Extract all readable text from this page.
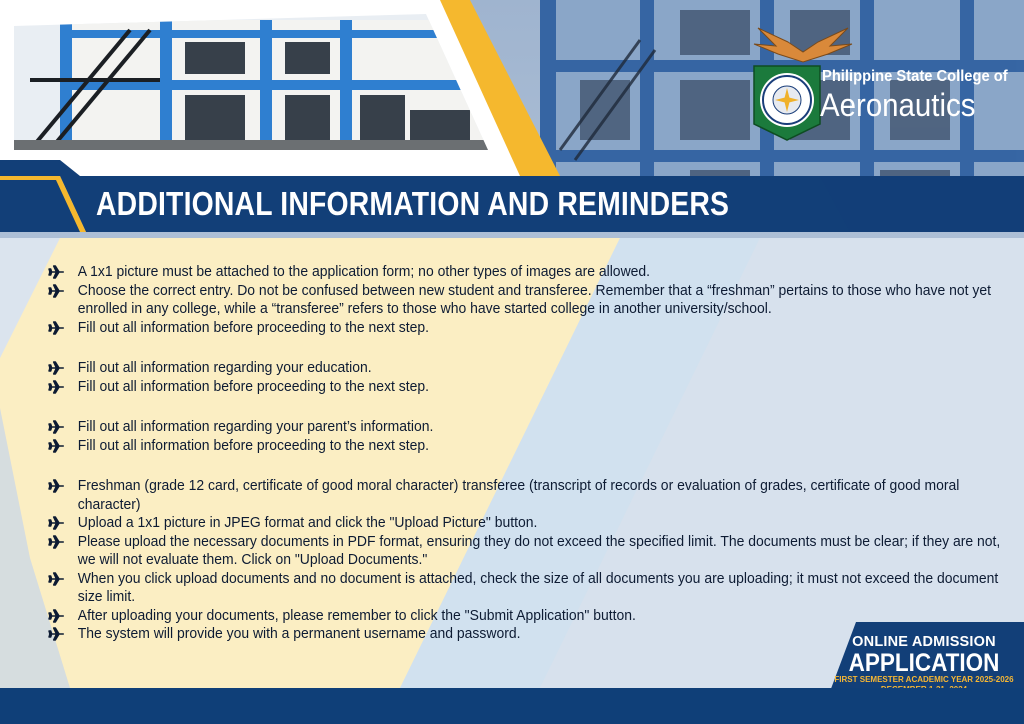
ADDITIONAL INFORMATION AND REMINDERS
Philippine State College of
Aeronautics
A 1x1 picture must be attached to the application form; no other types of images are allowed.
Choose the correct entry. Do not be confused between new student and transferee. Remember that a “freshman” pertains to those who have not yet enrolled in any college, while a “transferee” refers to those who have started college in another university/school.
Fill out all information before proceeding to the next step.
Fill out all information regarding your education.
Fill out all information before proceeding to the next step.
Fill out all information regarding your parent’s information.
Fill out all information before proceeding to the next step.
Freshman (grade 12 card, certificate of good moral character) transferee (transcript of records or evaluation of grades, certificate of good moral character)
Upload a 1x1 picture in JPEG format and click the "Upload Picture" button.
Please upload the necessary documents in PDF format, ensuring they do not exceed the specified limit. The documents must be clear; if they are not, we will not evaluate them. Click on "Upload Documents."
When you click upload documents and no document is attached, check the size of all documents you are uploading; it must not exceed the document size limit.
After uploading your documents, please remember to click the "Submit Application" button.
The system will provide you with a permanent username and password.	ONLINE ADMISSION
APPLICATION
FIRST SEMESTER ACADEMIC YEAR 2025-2026
